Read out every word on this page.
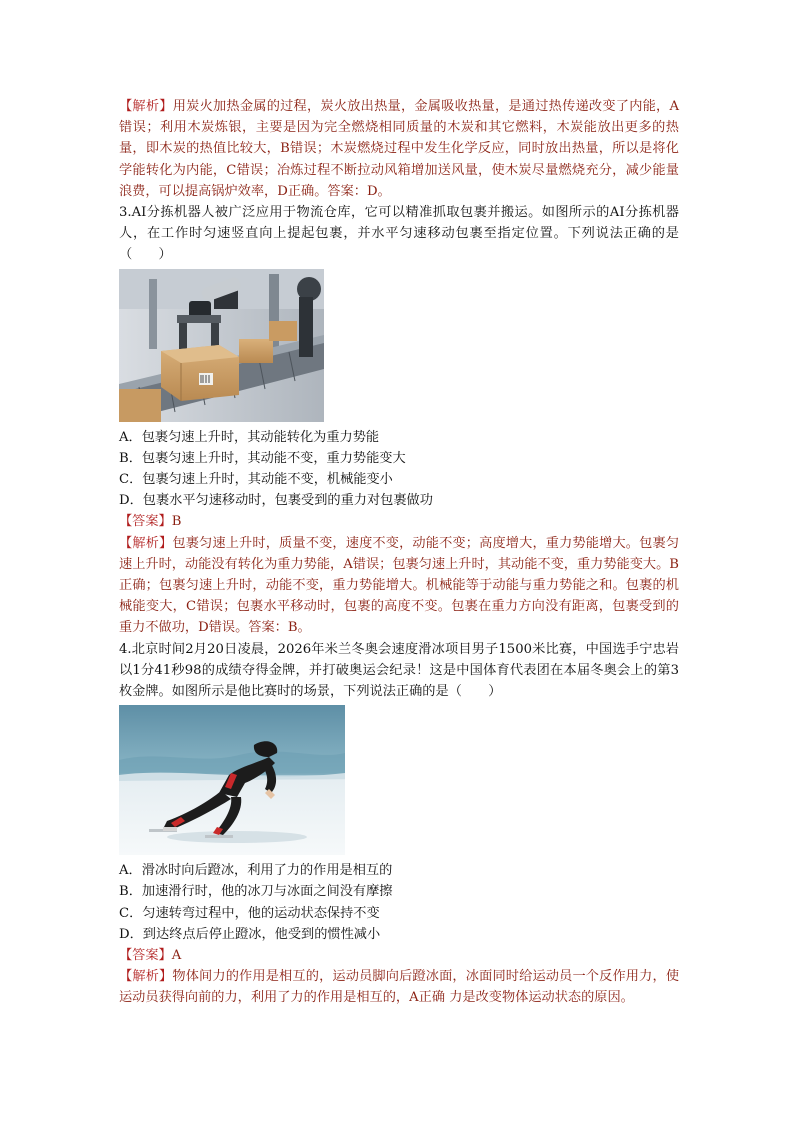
【解析】用炭火加热金属的过程，炭火放出热量，金属吸收热量，是通过热传递改变了内能，A错误；利用木炭炼银，主要是因为完全燃烧相同质量的木炭和其它燃料，木炭能放出更多的热量，即木炭的热值比较大，B错误；木炭燃烧过程中发生化学反应，同时放出热量，所以是将化学能转化为内能，C错误；冶炼过程不断拉动风箱增加送风量，使木炭尽量燃烧充分，减少能量浪费，可以提高锅炉效率，D正确。答案：D。

3.AI分拣机器人被广泛应用于物流仓库，它可以精准抓取包裹并搬运。如图所示的AI分拣机器人，在工作时匀速竖直向上提起包裹，并水平匀速移动包裹至指定位置。下列说法正确的是（　　）

A．包裹匀速上升时，其动能转化为重力势能

B．包裹匀速上升时，其动能不变，重力势能变大

C．包裹匀速上升时，其动能不变，机械能变小

D．包裹水平匀速移动时，包裹受到的重力对包裹做功

【答案】B

【解析】包裹匀速上升时，质量不变，速度不变，动能不变；高度增大，重力势能增大。包裹匀速上升时，动能没有转化为重力势能，A错误；包裹匀速上升时，其动能不变，重力势能变大。B正确；包裹匀速上升时，动能不变，重力势能增大。机械能等于动能与重力势能之和。包裹的机械能变大，C错误；包裹水平移动时，包裹的高度不变。包裹在重力方向没有距离，包裹受到的重力不做功，D错误。答案：B。

4.北京时间2月20日凌晨，2026年米兰冬奥会速度滑冰项目男子1500米比赛，中国选手宁忠岩以1分41秒98的成绩夺得金牌，并打破奥运会纪录！这是中国体育代表团在本届冬奥会上的第3枚金牌。如图所示是他比赛时的场景，下列说法正确的是（　　）

A．滑冰时向后蹬冰，利用了力的作用是相互的

B．加速滑行时，他的冰刀与冰面之间没有摩擦

C．匀速转弯过程中，他的运动状态保持不变

D．到达终点后停止蹬冰，他受到的惯性减小

【答案】A

【解析】物体间力的作用是相互的，运动员脚向后蹬冰面，冰面同时给运动员一个反作用力，使运动员获得向前的力，利用了力的作用是相互的，A正确 力是改变物体运动状态的原因。
